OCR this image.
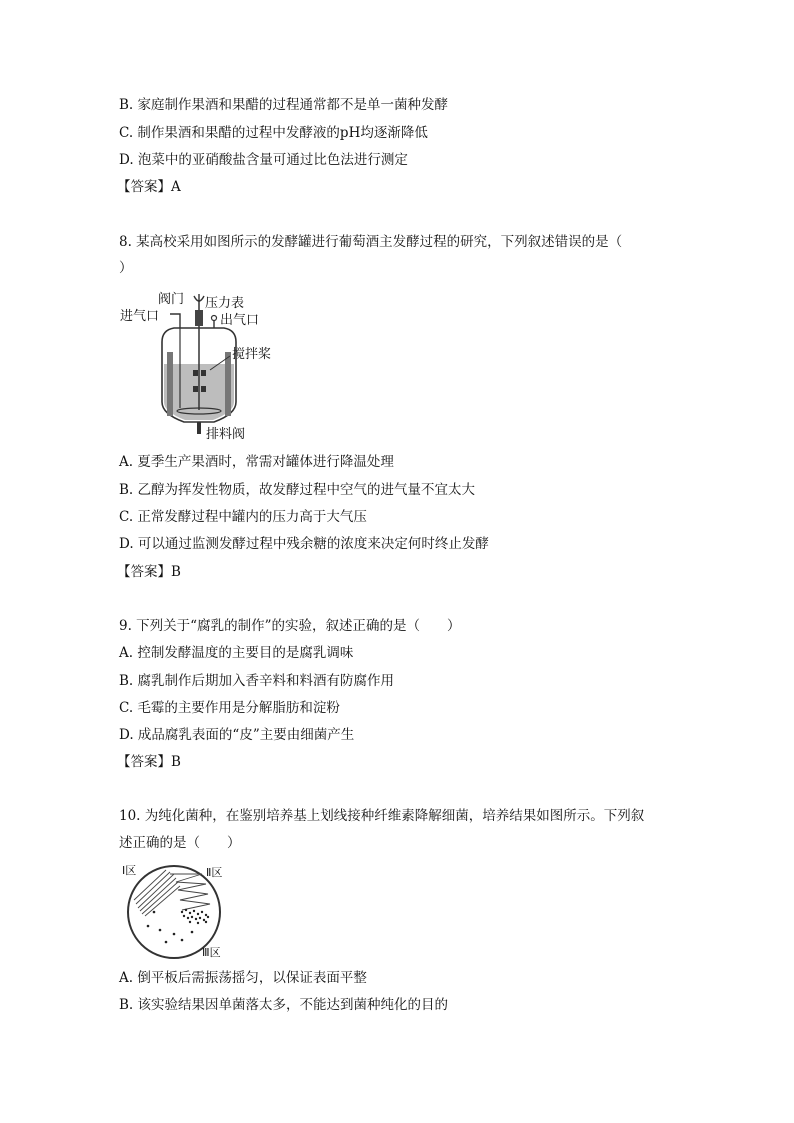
B. 家庭制作果酒和果醋的过程通常都不是单一菌种发酵
C. 制作果酒和果醋的过程中发酵液的pH均逐渐降低
D. 泡菜中的亚硝酸盐含量可通过比色法进行测定
【答案】A
8. 某高校采用如图所示的发酵罐进行葡萄酒主发酵过程的研究，下列叙述错误的是（
）
阀门 压力表
进气口	出气口
搅拌桨
排料阀
A. 夏季生产果酒时，常需对罐体进行降温处理
B. 乙醇为挥发性物质，故发酵过程中空气的进气量不宜太大
C. 正常发酵过程中罐内的压力高于大气压
D. 可以通过监测发酵过程中残余糖的浓度来决定何时终止发酵
【答案】B
9. 下列关于“腐乳的制作”的实验，叙述正确的是（　　）
A. 控制发酵温度的主要目的是腐乳调味
B. 腐乳制作后期加入香辛料和料酒有防腐作用
C. 毛霉的主要作用是分解脂肪和淀粉
D. 成品腐乳表面的“皮”主要由细菌产生
【答案】B
10. 为纯化菌种，在鉴别培养基上划线接种纤维素降解细菌，培养结果如图所示。下列叙
述正确的是（　　）
Ⅰ区	Ⅱ区
Ⅲ区
A. 倒平板后需振荡摇匀，以保证表面平整
B. 该实验结果因单菌落太多，不能达到菌种纯化的目的
